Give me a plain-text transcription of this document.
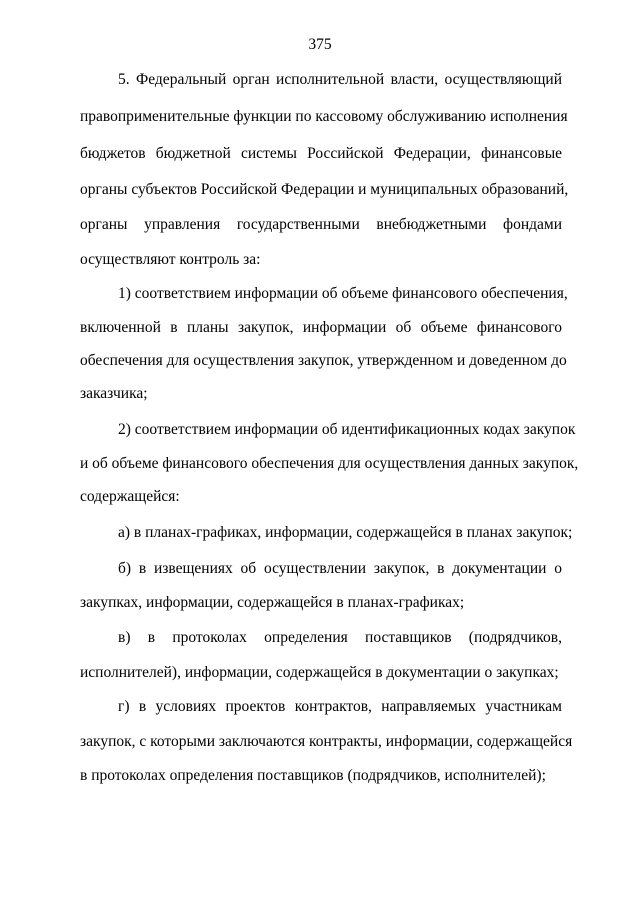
375
5. Федеральный орган исполнительной власти, осуществляющий
правоприменительные функции по кассовому обслуживанию исполнения
бюджетов бюджетной системы Российской Федерации, финансовые
органы субъектов Российской Федерации и муниципальных образований,
органы управления государственными внебюджетными фондами
осуществляют контроль за:
1) соответствием информации об объеме финансового обеспечения,
включенной в планы закупок, информации об объеме финансового
обеспечения для осуществления закупок, утвержденном и доведенном до
заказчика;
2) соответствием информации об идентификационных кодах закупок
и об объеме финансового обеспечения для осуществления данных закупок,
содержащейся:
а) в планах-графиках, информации, содержащейся в планах закупок;
б) в извещениях об осуществлении закупок, в документации о
закупках, информации, содержащейся в планах-графиках;
в) в протоколах определения поставщиков (подрядчиков,
исполнителей), информации, содержащейся в документации о закупках;
г) в условиях проектов контрактов, направляемых участникам
закупок, с которыми заключаются контракты, информации, содержащейся
в протоколах определения поставщиков (подрядчиков, исполнителей);
